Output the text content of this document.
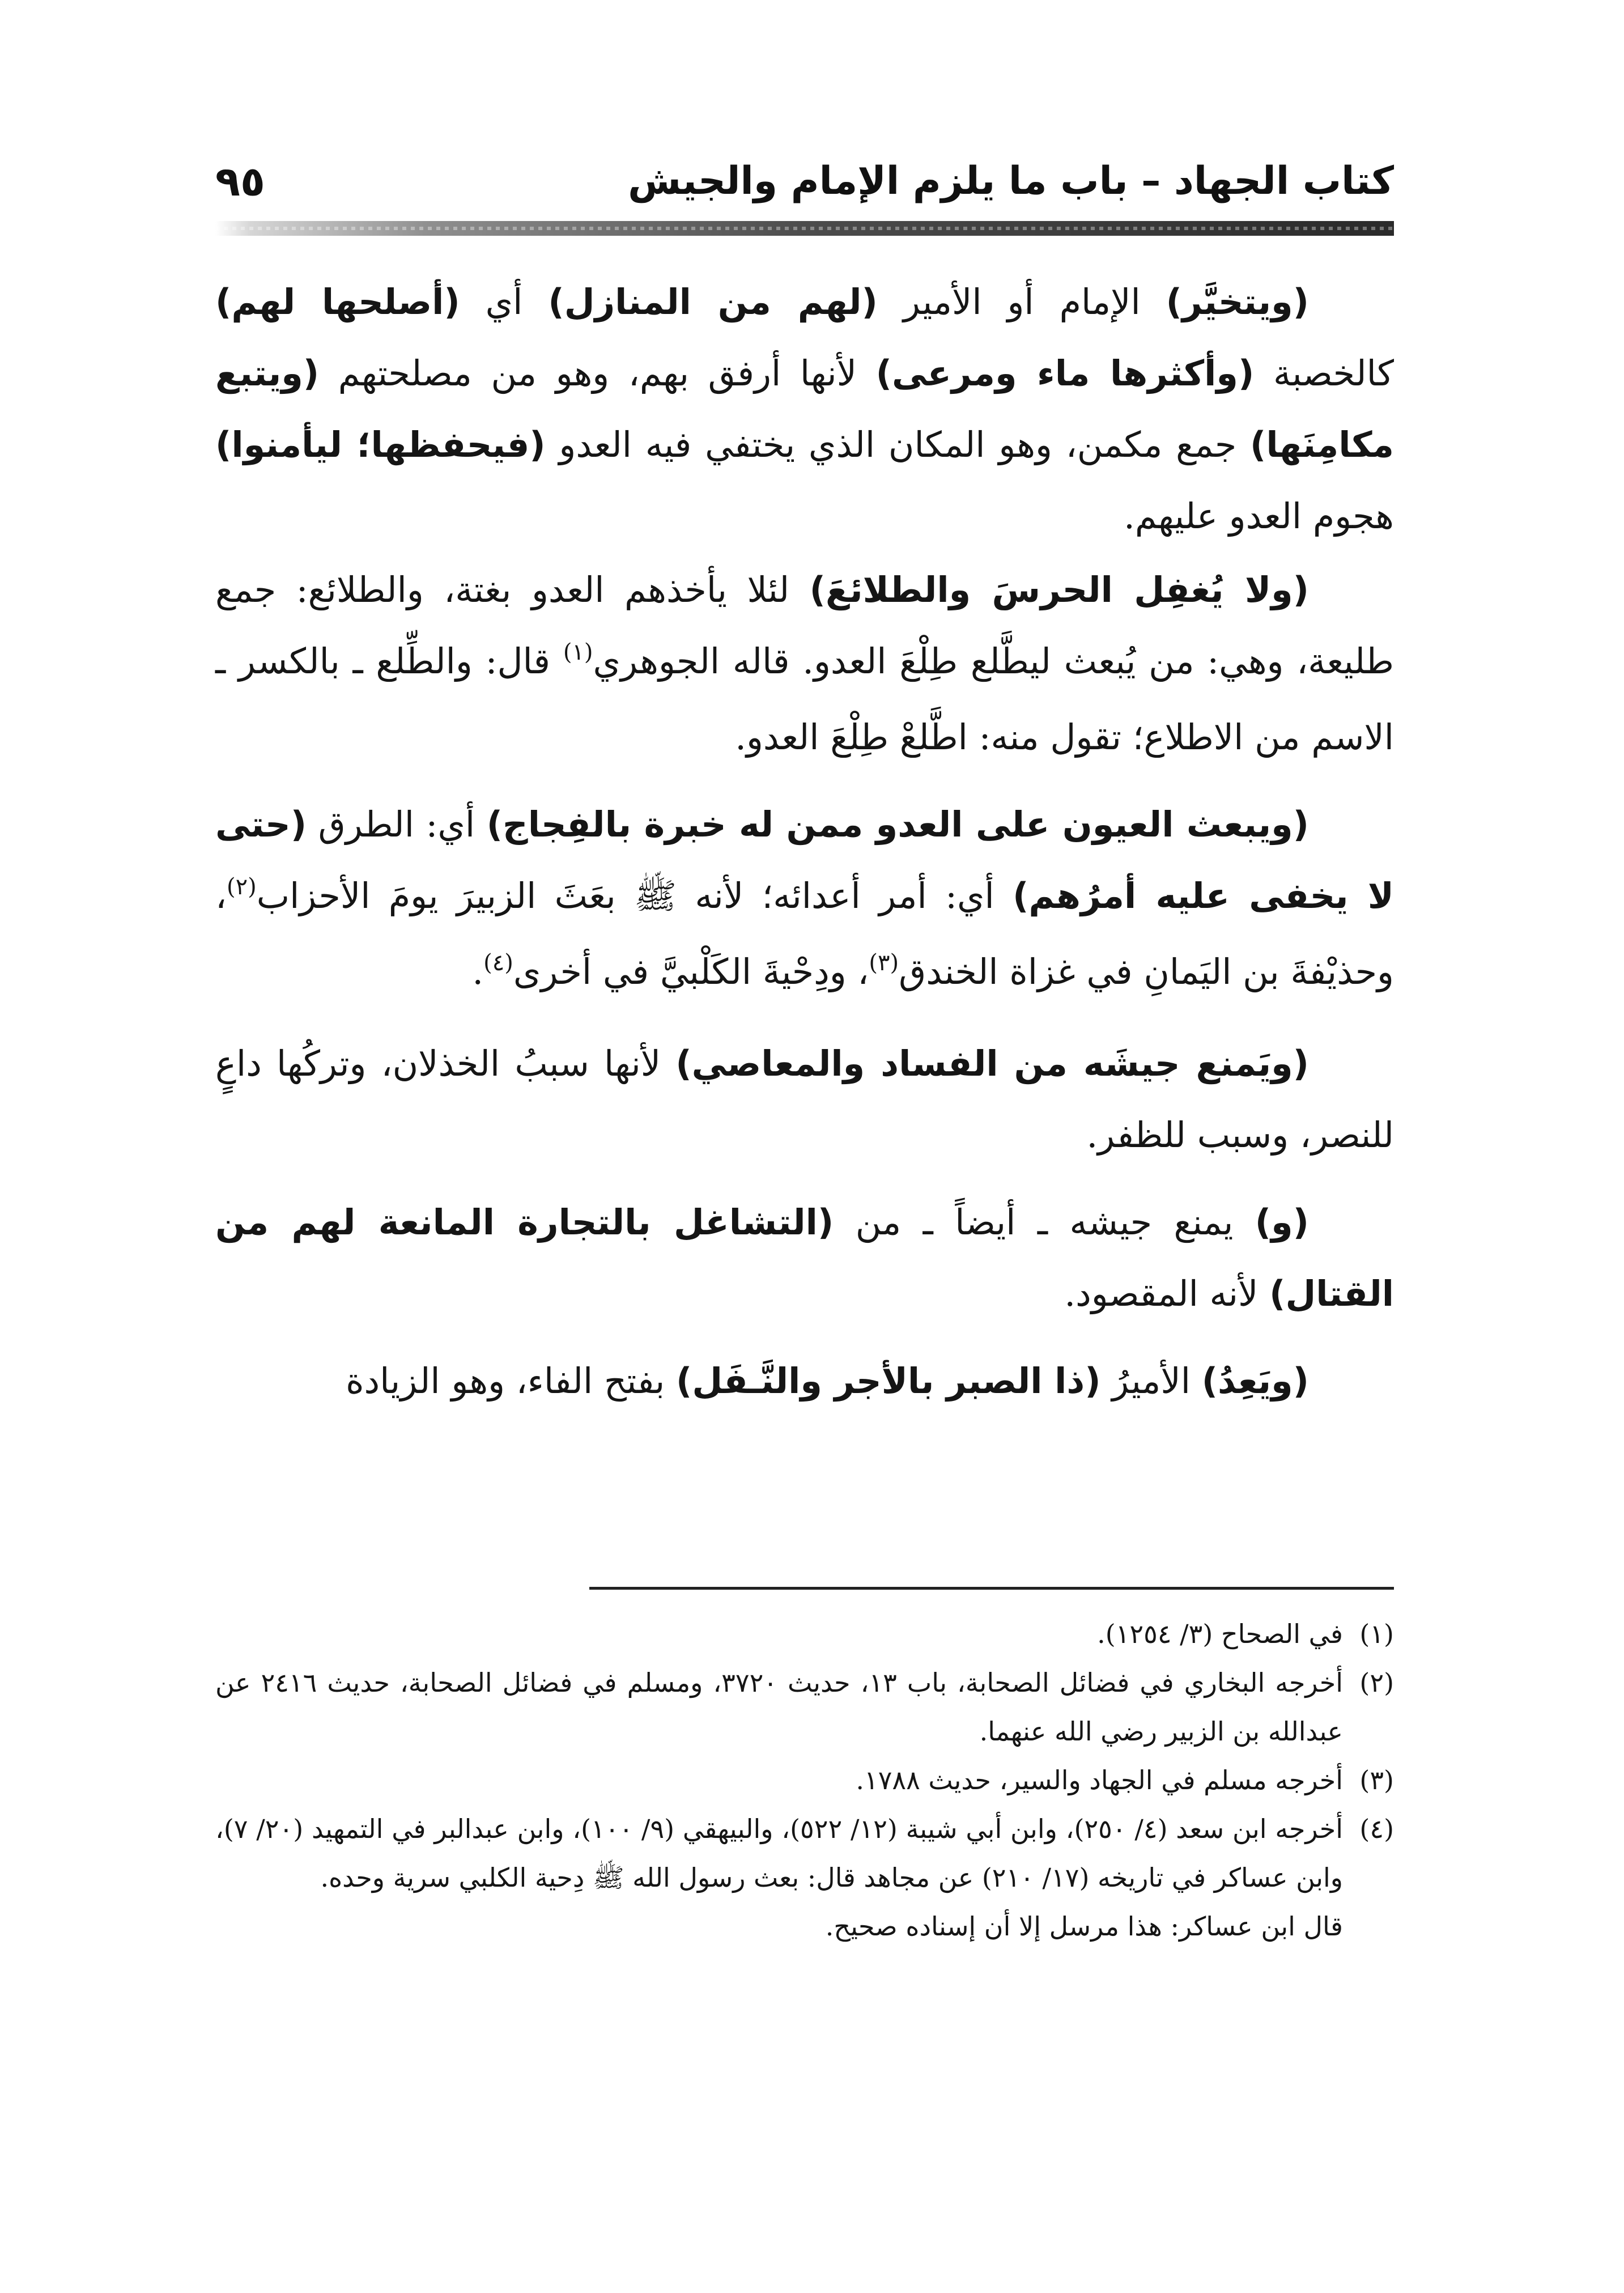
كتاب الجهاد – باب ما يلزم الإمام والجيش
٩٥

(ويتخيَّر) الإمام أو الأمير (لهم من المنازل) أي (أصلحها لهم) كالخصبة (وأكثرها ماء ومرعى) لأنها أرفق بهم، وهو من مصلحتهم (ويتبع مكامِنَها) جمع مكمن، وهو المكان الذي يختفي فيه العدو (فيحفظها؛ ليأمنوا) هجوم العدو عليهم.

(ولا يُغفِل الحرسَ والطلائعَ) لئلا يأخذهم العدو بغتة، والطلائع: جمع طليعة، وهي: من يُبعث ليطَّلع طِلْعَ العدو. قاله الجوهري$^{(١)}$ قال: والطِّلع ـ بالكسر ـ الاسم من الاطلاع؛ تقول منه: اطَّلعْ طِلْعَ العدو.

(ويبعث العيون على العدو ممن له خبرة بالفِجاج) أي: الطرق (حتى لا يخفى عليه أمرُهم) أي: أمر أعدائه؛ لأنه ﷺ بعَثَ الزبيرَ يومَ الأحزاب$^{(٢)}$، وحذيْفةَ بن اليَمانِ في غزاة الخندق$^{(٣)}$، ودِحْيةَ الكَلْبيَّ في أخرى$^{(٤)}$.

(ويَمنع جيشَه من الفساد والمعاصي) لأنها سببُ الخذلان، وتركُها داعٍ للنصر، وسبب للظفر.

(و) يمنع جيشه ـ أيضاً ـ من (التشاغل بالتجارة المانعة لهم من القتال) لأنه المقصود.

(ويَعِدُ) الأميرُ (ذا الصبر بالأجر والنَّـفَل) بفتح الفاء، وهو الزيادة

(١)في الصحاح (٣/ ١٢٥٤).

(٢)أخرجه البخاري في فضائل الصحابة، باب ١٣، حديث ٣٧٢٠، ومسلم في فضائل الصحابة، حديث ٢٤١٦ عن عبدالله بن الزبير رضي الله عنهما.

(٣)أخرجه مسلم في الجهاد والسير، حديث ١٧٨٨.

(٤)أخرجه ابن سعد (٤/ ٢٥٠)، وابن أبي شيبة (١٢/ ٥٢٢)، والبيهقي (٩/ ١٠٠)، وابن عبدالبر في التمهيد (٢٠/ ٧)، وابن عساكر في تاريخه (١٧/ ٢١٠) عن مجاهد قال: بعث رسول الله ﷺ دِحية الكلبي سرية وحده.

قال ابن عساكر: هذا مرسل إلا أن إسناده صحيح.
